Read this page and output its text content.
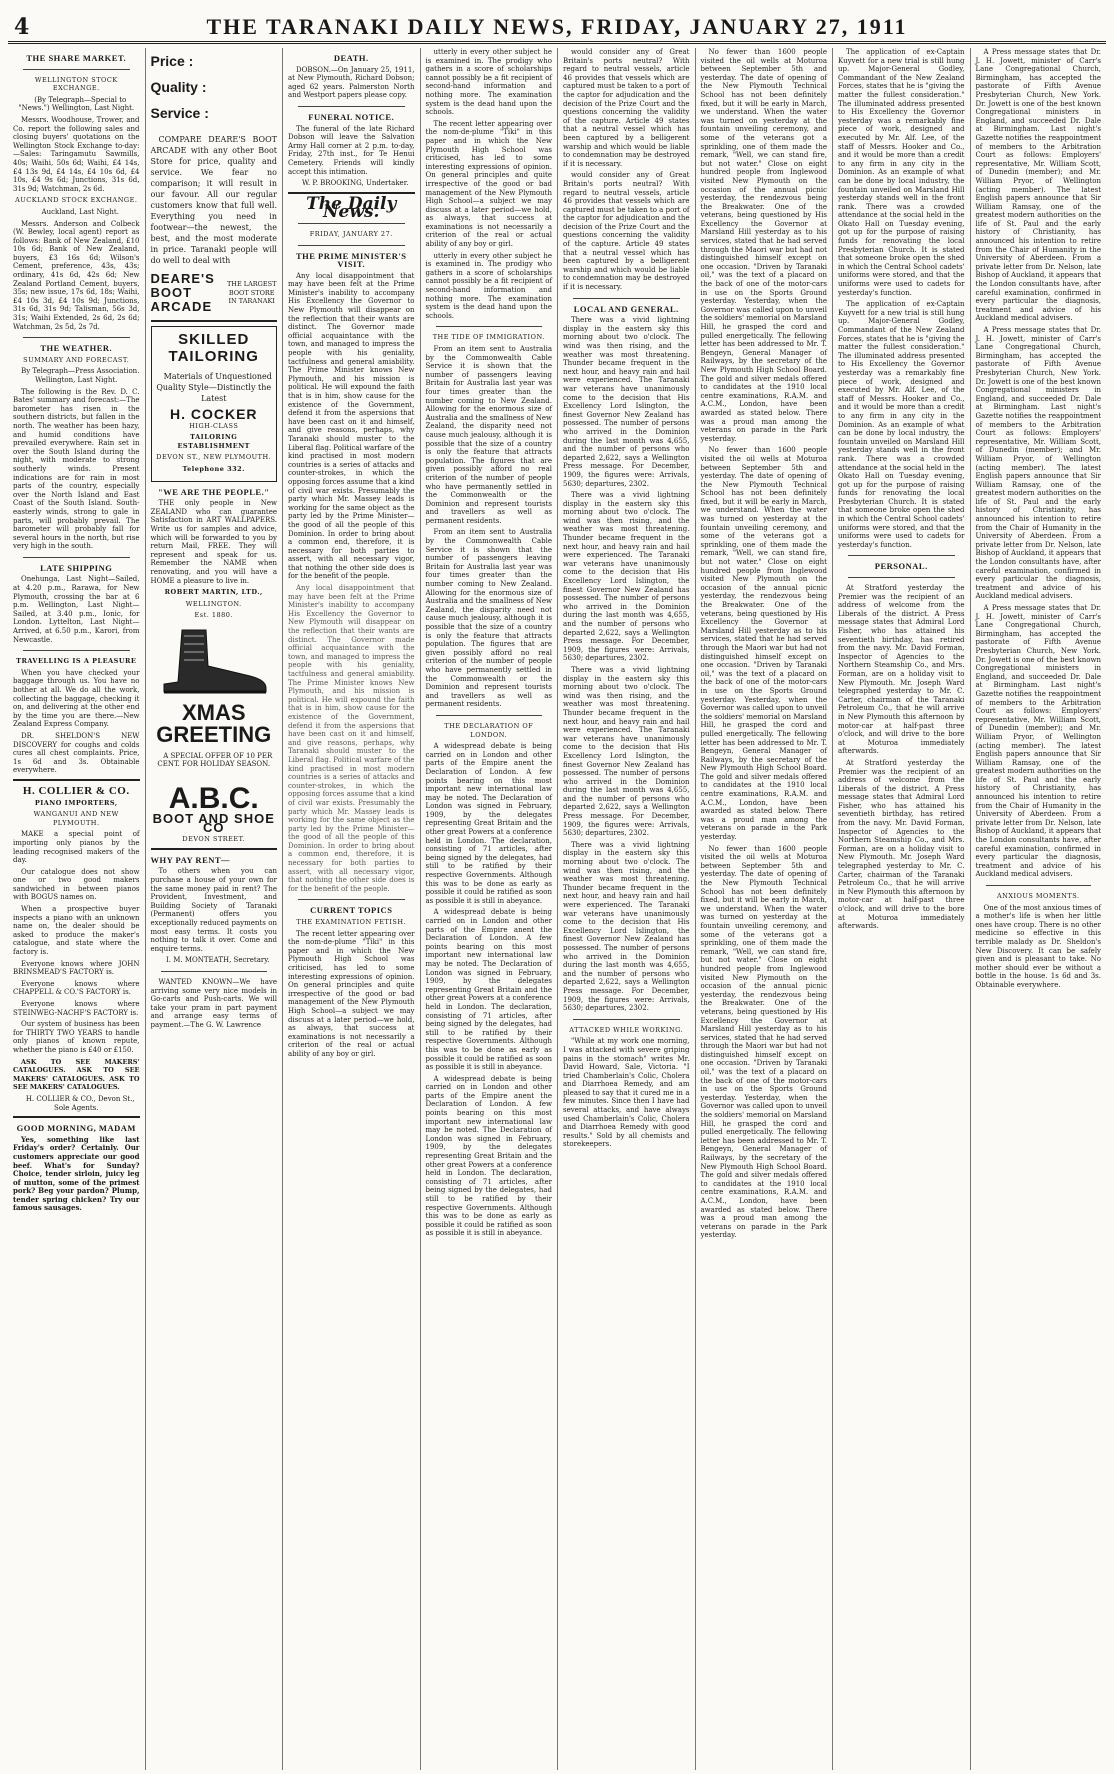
4	THE TARANAKI DAILY NEWS, FRIDAY, JANUARY 27, 1911
THE SHARE MARKET.
WELLINGTON STOCK EXCHANGE.

(By Telegraph—Special to "News.") Wellington, Last Night.

Messrs. Woodhouse, Trower, and Co. report the following sales and closing buyers' quotations on the Wellington Stock Exchange to-day:—Sales: Taringamutu Sawmills, 40s; Waihi, 50s 6d; Waihi, £4 14s, £4 13s 9d, £4 14s, £4 10s 6d, £4 10s, £4 9s 6d; Junctions, 31s 6d, 31s 9d; Watchman, 2s 6d.

AUCKLAND STOCK EXCHANGE.

Auckland, Last Night.

Messrs. Anderson and Colbeck (W. Bewley, local agent) report as follows: Bank of New Zealand, £10 10s 6d; Bank of New Zealand, buyers, £3 16s 6d; Wilson's Cement, preference, 43s, 43s; ordinary, 41s 6d, 42s 6d; New Zealand Portland Cement, buyers, 35s; new issue, 17s 6d, 18s; Waihi, £4 10s 3d, £4 10s 9d; Junctions, 31s 6d, 31s 9d; Talisman, 56s 3d, 31s; Waihi Extended, 2s 6d, 2s 6d; Watchman, 2s 5d, 2s 7d.

THE WEATHER.
SUMMARY AND FORECAST.

By Telegraph—Press Association. Wellington, Last Night.

The following is the Rev. D. C. Bates' summary and forecast:—The barometer has risen in the southern districts, but fallen in the north. The weather has been hazy, and humid conditions have prevailed everywhere. Rain set in over the South Island during the night, with moderate to strong southerly winds. Present indications are for rain in most parts of the country, especially over the North Island and East Coast of the South Island. South-easterly winds, strong to gale in parts, will probably prevail. The barometer will probably fall for several hours in the north, but rise very high in the south.

LATE SHIPPING

Onehunga, Last Night—Sailed, at 4.20 p.m., Rarawa, for New Plymouth, crossing the bar at 6 p.m. Wellington, Last Night—Sailed, at 3.40 p.m., Ionic, for London. Lyttelton, Last Night—Arrived, at 6.50 p.m., Karori, from Newcastle.

TRAVELLING IS A PLEASURE

When you have checked your baggage through us. You have no bother at all. We do all the work, collecting the baggage, checking it on, and delivering at the other end by the time you are there.—New Zealand Express Company.

DR. SHELDON'S NEW DISCOVERY for coughs and colds cures all chest complaints. Price, 1s 6d and 3s. Obtainable everywhere.

H. COLLIER & CO.
PIANO IMPORTERS,
WANGANUI AND NEW PLYMOUTH.

MAKE a special point of importing only pianos by the leading recognised makers of the day.

Our catalogue does not show one or two good makers sandwiched in between pianos with BOGUS names on.

When a prospective buyer inspects a piano with an unknown name on, the dealer should be asked to produce the maker's catalogue, and state where the factory is.

Everyone knows where JOHN BRINSMEAD'S FACTORY is.

Everyone knows where CHAPPELL & CO.'S FACTORY is.

Everyone knows where STEINWEG-NACHF'S FACTORY is.

Our system of business has been for THIRTY TWO YEARS to handle only pianos of known repute, whether the piano is £40 or £150.

ASK TO SEE MAKERS' CATALOGUES. ASK TO SEE MAKERS' CATALOGUES. ASK TO SEE MAKERS' CATALOGUES.

H. COLLIER & CO., Devon St., Sole Agents.

GOOD MORNING, MADAM

Yes, something like last Friday's order? Certainly. Our customers appreciate our good beef. What's for Sunday? Choice, tender sirloin, juicy leg of mutton, some of the primest pork? Beg your pardon? Plump, tender spring chicken? Try our famous sausages.

Price :
Quality :
Service :

COMPARE DEARE'S BOOT ARCADE with any other Boot Store for price, quality and service. We fear no comparison; it will result in our favour. All our regular customers know that full well. Everything you need in footwear—the newest, the best, and the most moderate in price. Taranaki people will do well to deal with

DEARE'S BOOT ARCADE
THE LARGEST BOOT STORE IN TARANAKI
SKILLED TAILORING

Materials of Unquestioned Quality Style—Distinctly the Latest

H. COCKER
HIGH-CLASS
TAILORING ESTABLISHMENT
DEVON ST., NEW PLYMOUTH.
Telephone 332.
"WE ARE THE PEOPLE."

THE only people in New ZEALAND who can guarantee Satisfaction in ART WALLPAPERS. Write us for samples and advice, which will be forwarded to you by return Mail, FREE. They will represent and speak for us. Remember the NAME when renovating, and you will have a HOME a pleasure to live in.

ROBERT MARTIN, LTD.,
WELLINGTON.
Est. 1880.
XMAS GREETING

A SPECIAL OFFER OF 10 PER CENT. FOR HOLIDAY SEASON.

A.B.C.
BOOT AND SHOE CO
DEVON STREET.
WHY PAY RENT—

To others when you can purchase a house of your own for the same money paid in rent? The Provident, Investment, and Building Society of Taranaki (Permanent) offers you exceptionally reduced payments on most easy terms. It costs you nothing to talk it over. Come and enquire terms.

I. M. MONTEATH, Secretary.

WANTED KNOWN—We have arriving some very nice models in Go-carts and Push-carts. We will take your pram in part payment and arrange easy terms of payment.—The G. W. Lawrence

DEATH.

DOBSON.—On January 25, 1911, at New Plymouth, Richard Dobson; aged 62 years. Palmerston North and Westport papers please copy.

FUNERAL NOTICE.

The funeral of the late Richard Dobson will leave the Salvation Army Hall corner at 2 p.m. to-day, Friday, 27th inst., for Te Henui Cemetery. Friends will kindly accept this intimation.

W. P. BROOKING, Undertaker.

The Daily News.
FRIDAY, JANUARY 27.
THE PRIME MINISTER'S VISIT.

Any local disappointment that may have been felt at the Prime Minister's inability to accompany His Excellency the Governor to New Plymouth will disappear on the reflection that their wants are distinct. The Governor made official acquaintance with the town, and managed to impress the people with his geniality, tactfulness and general amiability. The Prime Minister knows New Plymouth, and his mission is political. He will expound the faith that is in him, show cause for the existence of the Government, defend it from the aspersions that have been cast on it and himself, and give reasons, perhaps, why Taranaki should muster to the Liberal flag. Political warfare of the kind practised in most modern countries is a series of attacks and counter-strokes, in which the opposing forces assume that a kind of civil war exists. Presumably the party which Mr. Massey leads is working for the same object as the party led by the Prime Minister—the good of all the people of this Dominion. In order to bring about a common end, therefore, it is necessary for both parties to assert, with all necessary vigor, that nothing the other side does is for the benefit of the people.

Any local disappointment that may have been felt at the Prime Minister's inability to accompany His Excellency the Governor to New Plymouth will disappear on the reflection that their wants are distinct. The Governor made official acquaintance with the town, and managed to impress the people with his geniality, tactfulness and general amiability. The Prime Minister knows New Plymouth, and his mission is political. He will expound the faith that is in him, show cause for the existence of the Government, defend it from the aspersions that have been cast on it and himself, and give reasons, perhaps, why Taranaki should muster to the Liberal flag. Political warfare of the kind practised in most modern countries is a series of attacks and counter-strokes, in which the opposing forces assume that a kind of civil war exists. Presumably the party which Mr. Massey leads is working for the same object as the party led by the Prime Minister—the good of all the people of this Dominion. In order to bring about a common end, therefore, it is necessary for both parties to assert, with all necessary vigor, that nothing the other side does is for the benefit of the people.

CURRENT TOPICS
THE EXAMINATION FETISH.

The recent letter appearing over the nom-de-plume "Tiki" in this paper and in which the New Plymouth High School was criticised, has led to some interesting expressions of opinion. On general principles and quite irrespective of the good or bad management of the New Plymouth High School—a subject we may discuss at a later period—we hold, as always, that success at examinations is not necessarily a criterion of the real or actual ability of any boy or girl.

utterly in every other subject he is examined in. The prodigy who gathers in a score of scholarships cannot possibly be a fit recipient of second-hand information and nothing more. The examination system is the dead hand upon the schools.

The recent letter appearing over the nom-de-plume "Tiki" in this paper and in which the New Plymouth High School was criticised, has led to some interesting expressions of opinion. On general principles and quite irrespective of the good or bad management of the New Plymouth High School—a subject we may discuss at a later period—we hold, as always, that success at examinations is not necessarily a criterion of the real or actual ability of any boy or girl.

utterly in every other subject he is examined in. The prodigy who gathers in a score of scholarships cannot possibly be a fit recipient of second-hand information and nothing more. The examination system is the dead hand upon the schools.

THE TIDE OF IMMIGRATION.

From an item sent to Australia by the Commonwealth Cable Service it is shown that the number of passengers leaving Britain for Australia last year was four times greater than the number coming to New Zealand. Allowing for the enormous size of Australia and the smallness of New Zealand, the disparity need not cause much jealousy, although it is possible that the size of a country is only the feature that attracts population. The figures that are given possibly afford no real criterion of the number of people who have permanently settled in the Commonwealth or the Dominion and represent tourists and travellers as well as permanent residents.

From an item sent to Australia by the Commonwealth Cable Service it is shown that the number of passengers leaving Britain for Australia last year was four times greater than the number coming to New Zealand. Allowing for the enormous size of Australia and the smallness of New Zealand, the disparity need not cause much jealousy, although it is possible that the size of a country is only the feature that attracts population. The figures that are given possibly afford no real criterion of the number of people who have permanently settled in the Commonwealth or the Dominion and represent tourists and travellers as well as permanent residents.

THE DECLARATION OF LONDON.

A widespread debate is being carried on in London and other parts of the Empire anent the Declaration of London. A few points bearing on this most important new international law may be noted. The Declaration of London was signed in February, 1909, by the delegates representing Great Britain and the other great Powers at a conference held in London. The declaration, consisting of 71 articles, after being signed by the delegates, had still to be ratified by their respective Governments. Although this was to be done as early as possible it could be ratified as soon as possible it is still in abeyance.

A widespread debate is being carried on in London and other parts of the Empire anent the Declaration of London. A few points bearing on this most important new international law may be noted. The Declaration of London was signed in February, 1909, by the delegates representing Great Britain and the other great Powers at a conference held in London. The declaration, consisting of 71 articles, after being signed by the delegates, had still to be ratified by their respective Governments. Although this was to be done as early as possible it could be ratified as soon as possible it is still in abeyance.

A widespread debate is being carried on in London and other parts of the Empire anent the Declaration of London. A few points bearing on this most important new international law may be noted. The Declaration of London was signed in February, 1909, by the delegates representing Great Britain and the other great Powers at a conference held in London. The declaration, consisting of 71 articles, after being signed by the delegates, had still to be ratified by their respective Governments. Although this was to be done as early as possible it could be ratified as soon as possible it is still in abeyance.

would consider any of Great Britain's ports neutral? With regard to neutral vessels, article 46 provides that vessels which are captured must be taken to a port of the captor for adjudication and the decision of the Prize Court and the questions concerning the validity of the capture. Article 49 states that a neutral vessel which has been captured by a belligerent warship and which would be liable to condemnation may be destroyed if it is necessary.

would consider any of Great Britain's ports neutral? With regard to neutral vessels, article 46 provides that vessels which are captured must be taken to a port of the captor for adjudication and the decision of the Prize Court and the questions concerning the validity of the capture. Article 49 states that a neutral vessel which has been captured by a belligerent warship and which would be liable to condemnation may be destroyed if it is necessary.

LOCAL AND GENERAL.

There was a vivid lightning display in the eastern sky this morning about two o'clock. The wind was then rising, and the weather was most threatening. Thunder became frequent in the next hour, and heavy rain and hail were experienced. The Taranaki war veterans have unanimously come to the decision that His Excellency Lord Islington, the finest Governor New Zealand has possessed. The number of persons who arrived in the Dominion during the last month was 4,655, and the number of persons who departed 2,622, says a Wellington Press message. For December, 1909, the figures were: Arrivals, 5630; departures, 2302.

There was a vivid lightning display in the eastern sky this morning about two o'clock. The wind was then rising, and the weather was most threatening. Thunder became frequent in the next hour, and heavy rain and hail were experienced. The Taranaki war veterans have unanimously come to the decision that His Excellency Lord Islington, the finest Governor New Zealand has possessed. The number of persons who arrived in the Dominion during the last month was 4,655, and the number of persons who departed 2,622, says a Wellington Press message. For December, 1909, the figures were: Arrivals, 5630; departures, 2302.

There was a vivid lightning display in the eastern sky this morning about two o'clock. The wind was then rising, and the weather was most threatening. Thunder became frequent in the next hour, and heavy rain and hail were experienced. The Taranaki war veterans have unanimously come to the decision that His Excellency Lord Islington, the finest Governor New Zealand has possessed. The number of persons who arrived in the Dominion during the last month was 4,655, and the number of persons who departed 2,622, says a Wellington Press message. For December, 1909, the figures were: Arrivals, 5630; departures, 2302.

There was a vivid lightning display in the eastern sky this morning about two o'clock. The wind was then rising, and the weather was most threatening. Thunder became frequent in the next hour, and heavy rain and hail were experienced. The Taranaki war veterans have unanimously come to the decision that His Excellency Lord Islington, the finest Governor New Zealand has possessed. The number of persons who arrived in the Dominion during the last month was 4,655, and the number of persons who departed 2,622, says a Wellington Press message. For December, 1909, the figures were: Arrivals, 5630; departures, 2302.

ATTACKED WHILE WORKING.

"While at my work one morning, I was attacked with severe griping pains in the stomach" writes Mr. David Howard, Sale, Victoria. "I tried Chamberlain's Colic, Cholera and Diarrhoea Remedy, and am pleased to say that it cured me in a few minutes. Since then I have had several attacks, and have always used Chamberlain's Colic, Cholera and Diarrhoea Remedy with good results." Sold by all chemists and storekeepers.

No fewer than 1600 people visited the oil wells at Moturoa between September 5th and yesterday. The date of opening of the New Plymouth Technical School has not been definitely fixed, but it will be early in March, we understand. When the water was turned on yesterday at the fountain unveiling ceremony, and some of the veterans got a sprinkling, one of them made the remark, "Well, we can stand fire, but not water." Close on eight hundred people from Inglewood visited New Plymouth on the occasion of the annual picnic yesterday, the rendezvous being the Breakwater. One of the veterans, being questioned by His Excellency the Governor at Marsland Hill yesterday as to his services, stated that he had served through the Maori war but had not distinguished himself except on one occasion. "Driven by Taranaki oil," was the text of a placard on the back of one of the motor-cars in use on the Sports Ground yesterday. Yesterday, when the Governor was called upon to unveil the soldiers' memorial on Marsland Hill, he grasped the cord and pulled energetically. The fellowing letter has been addressed to Mr. T. Bengeyn, General Manager of Railways, by the secretary of the New Plymouth High School Board. The gold and silver medals offered to candidates at the 1910 local centre examinations, R.A.M. and A.C.M., London, have been awarded as stated below. There was a proud man among the veterans on parade in the Park yesterday.

No fewer than 1600 people visited the oil wells at Moturoa between September 5th and yesterday. The date of opening of the New Plymouth Technical School has not been definitely fixed, but it will be early in March, we understand. When the water was turned on yesterday at the fountain unveiling ceremony, and some of the veterans got a sprinkling, one of them made the remark, "Well, we can stand fire, but not water." Close on eight hundred people from Inglewood visited New Plymouth on the occasion of the annual picnic yesterday, the rendezvous being the Breakwater. One of the veterans, being questioned by His Excellency the Governor at Marsland Hill yesterday as to his services, stated that he had served through the Maori war but had not distinguished himself except on one occasion. "Driven by Taranaki oil," was the text of a placard on the back of one of the motor-cars in use on the Sports Ground yesterday. Yesterday, when the Governor was called upon to unveil the soldiers' memorial on Marsland Hill, he grasped the cord and pulled energetically. The fellowing letter has been addressed to Mr. T. Bengeyn, General Manager of Railways, by the secretary of the New Plymouth High School Board. The gold and silver medals offered to candidates at the 1910 local centre examinations, R.A.M. and A.C.M., London, have been awarded as stated below. There was a proud man among the veterans on parade in the Park yesterday.

No fewer than 1600 people visited the oil wells at Moturoa between September 5th and yesterday. The date of opening of the New Plymouth Technical School has not been definitely fixed, but it will be early in March, we understand. When the water was turned on yesterday at the fountain unveiling ceremony, and some of the veterans got a sprinkling, one of them made the remark, "Well, we can stand fire, but not water." Close on eight hundred people from Inglewood visited New Plymouth on the occasion of the annual picnic yesterday, the rendezvous being the Breakwater. One of the veterans, being questioned by His Excellency the Governor at Marsland Hill yesterday as to his services, stated that he had served through the Maori war but had not distinguished himself except on one occasion. "Driven by Taranaki oil," was the text of a placard on the back of one of the motor-cars in use on the Sports Ground yesterday. Yesterday, when the Governor was called upon to unveil the soldiers' memorial on Marsland Hill, he grasped the cord and pulled energetically. The fellowing letter has been addressed to Mr. T. Bengeyn, General Manager of Railways, by the secretary of the New Plymouth High School Board. The gold and silver medals offered to candidates at the 1910 local centre examinations, R.A.M. and A.C.M., London, have been awarded as stated below. There was a proud man among the veterans on parade in the Park yesterday.

The application of ex-Captain Kuyvett for a new trial is still hung up. Major-General Godley, Commandant of the New Zealand Forces, states that he is "giving the matter the fullest consideration." The illuminated address presented to His Excellency the Governor yesterday was a remarkably fine piece of work, designed and executed by Mr. Alf. Lee, of the staff of Messrs. Hooker and Co., and it would be more than a credit to any firm in any city in the Dominion. As an example of what can be done by local industry, the fountain unveiled on Marsland Hill yesterday stands well in the front rank. There was a crowded attendance at the social held in the Okato Hall on Tuesday evening, got up for the purpose of raising funds for renovating the local Presbyterian Church. It is stated that someone broke open the shed in which the Central School cadets' uniforms were stored, and that the uniforms were used to cadets for yesterday's function.

The application of ex-Captain Kuyvett for a new trial is still hung up. Major-General Godley, Commandant of the New Zealand Forces, states that he is "giving the matter the fullest consideration." The illuminated address presented to His Excellency the Governor yesterday was a remarkably fine piece of work, designed and executed by Mr. Alf. Lee, of the staff of Messrs. Hooker and Co., and it would be more than a credit to any firm in any city in the Dominion. As an example of what can be done by local industry, the fountain unveiled on Marsland Hill yesterday stands well in the front rank. There was a crowded attendance at the social held in the Okato Hall on Tuesday evening, got up for the purpose of raising funds for renovating the local Presbyterian Church. It is stated that someone broke open the shed in which the Central School cadets' uniforms were stored, and that the uniforms were used to cadets for yesterday's function.

PERSONAL.

At Stratford yesterday the Premier was the recipient of an address of welcome from the Liberals of the district. A Press message states that Admiral Lord Fisher, who has attained his seventieth birthday, has retired from the navy. Mr. David Forman, Inspector of Agencies to the Northern Steamship Co., and Mrs. Forman, are on a holiday visit to New Plymouth. Mr. Joseph Ward telegraphed yesterday to Mr. C. Carter, chairman of the Taranaki Petroleum Co., that he will arrive in New Plymouth this afternoon by motor-car at half-past three o'clock, and will drive to the bore at Moturoa immediately afterwards.

At Stratford yesterday the Premier was the recipient of an address of welcome from the Liberals of the district. A Press message states that Admiral Lord Fisher, who has attained his seventieth birthday, has retired from the navy. Mr. David Forman, Inspector of Agencies to the Northern Steamship Co., and Mrs. Forman, are on a holiday visit to New Plymouth. Mr. Joseph Ward telegraphed yesterday to Mr. C. Carter, chairman of the Taranaki Petroleum Co., that he will arrive in New Plymouth this afternoon by motor-car at half-past three o'clock, and will drive to the bore at Moturoa immediately afterwards.

A Press message states that Dr. J. H. Jowett, minister of Carr's Lane Congregational Church, Birmingham, has accepted the pastorate of Fifth Avenue Presbyterian Church, New York. Dr. Jowett is one of the best known Congregational ministers in England, and succeeded Dr. Dale at Birmingham. Last night's Gazette notifies the reappointment of members to the Arbitration Court as follows: Employers' representative, Mr. William Scott, of Dunedin (member); and Mr. William Pryor, of Wellington (acting member). The latest English papers announce that Sir William Ramsay, one of the greatest modern authorities on the life of St. Paul and the early history of Christianity, has announced his intention to retire from the Chair of Humanity in the University of Aberdeen. From a private letter from Dr. Nelson, late Bishop of Auckland, it appears that the London consultants have, after careful examination, confirmed in every particular the diagnosis, treatment and advice of his Auckland medical advisers.

A Press message states that Dr. J. H. Jowett, minister of Carr's Lane Congregational Church, Birmingham, has accepted the pastorate of Fifth Avenue Presbyterian Church, New York. Dr. Jowett is one of the best known Congregational ministers in England, and succeeded Dr. Dale at Birmingham. Last night's Gazette notifies the reappointment of members to the Arbitration Court as follows: Employers' representative, Mr. William Scott, of Dunedin (member); and Mr. William Pryor, of Wellington (acting member). The latest English papers announce that Sir William Ramsay, one of the greatest modern authorities on the life of St. Paul and the early history of Christianity, has announced his intention to retire from the Chair of Humanity in the University of Aberdeen. From a private letter from Dr. Nelson, late Bishop of Auckland, it appears that the London consultants have, after careful examination, confirmed in every particular the diagnosis, treatment and advice of his Auckland medical advisers.

A Press message states that Dr. J. H. Jowett, minister of Carr's Lane Congregational Church, Birmingham, has accepted the pastorate of Fifth Avenue Presbyterian Church, New York. Dr. Jowett is one of the best known Congregational ministers in England, and succeeded Dr. Dale at Birmingham. Last night's Gazette notifies the reappointment of members to the Arbitration Court as follows: Employers' representative, Mr. William Scott, of Dunedin (member); and Mr. William Pryor, of Wellington (acting member). The latest English papers announce that Sir William Ramsay, one of the greatest modern authorities on the life of St. Paul and the early history of Christianity, has announced his intention to retire from the Chair of Humanity in the University of Aberdeen. From a private letter from Dr. Nelson, late Bishop of Auckland, it appears that the London consultants have, after careful examination, confirmed in every particular the diagnosis, treatment and advice of his Auckland medical advisers.

ANXIOUS MOMENTS.

One of the most anxious times of a mother's life is when her little ones have croup. There is no other medicine so effective in this terrible malady as Dr. Sheldon's New Discovery. It can be safely given and is pleasant to take. No mother should ever be without a bottle in the house. 1s 6d and 3s. Obtainable everywhere.
